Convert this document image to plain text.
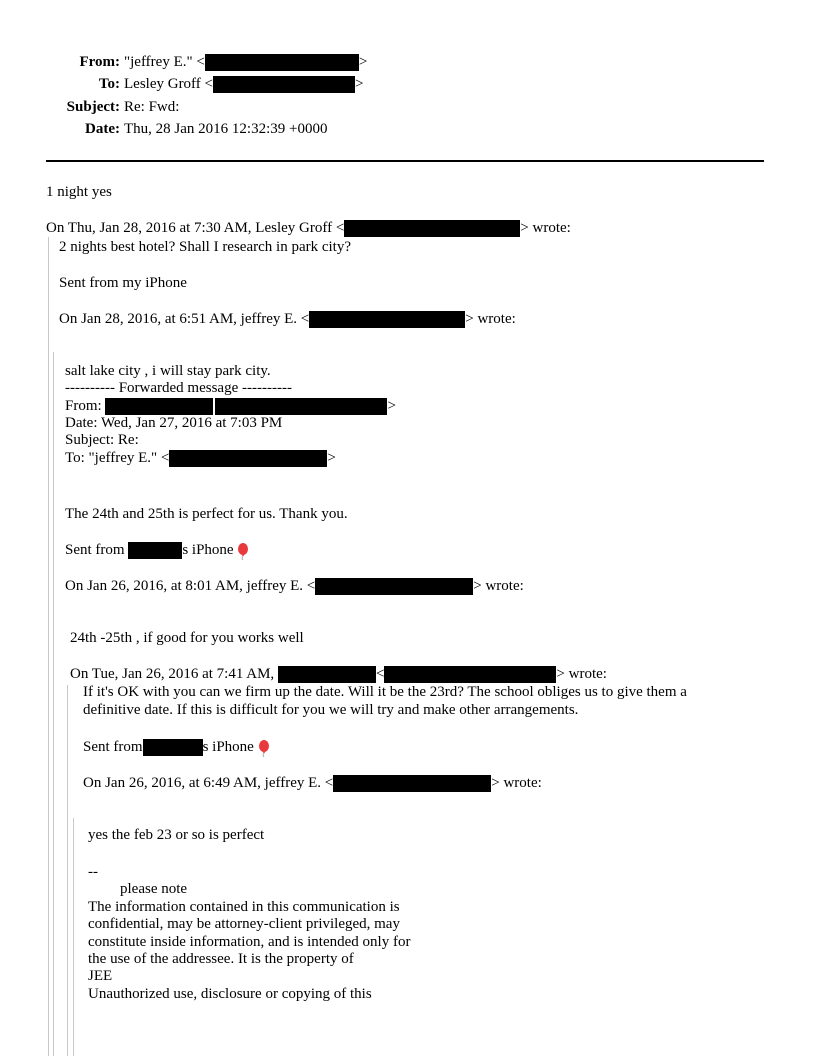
From: "jeffrey E." <	>
To: Lesley Groff <	>
Subject: Re: Fwd:
Date: Thu, 28 Jan 2016 12:32:39 +0000
1 night yes
On Thu, Jan 28, 2016 at 7:30 AM, Lesley Groff <	> wrote:
2 nights best hotel? Shall I research in park city?
Sent from my iPhone
On Jan 28, 2016, at 6:51 AM, jeffrey E. <	> wrote:
salt lake city , i will stay park city.
---------- Forwarded message ----------
From:	>
Date: Wed, Jan 27, 2016 at 7:03 PM
Subject: Re:
To: "jeffrey E." <	>
The 24th and 25th is perfect for us. Thank you.
Sent from	s iPhone
On Jan 26, 2016, at 8:01 AM, jeffrey E. <	> wrote:
24th -25th , if good for you works well
On Tue, Jan 26, 2016 at 7:41 AM,	<	> wrote:
If it's OK with you can we firm up the date. Will it be the 23rd? The school obliges us to give them a
definitive date. If this is difficult for you we will try and make other arrangements.
Sent from	s iPhone
On Jan 26, 2016, at 6:49 AM, jeffrey E. <	> wrote:
yes the feb 23 or so is perfect
--
please note
The information contained in this communication is
confidential, may be attorney-client privileged, may
constitute inside information, and is intended only for
the use of the addressee. It is the property of
JEE
Unauthorized use, disclosure or copying of this
